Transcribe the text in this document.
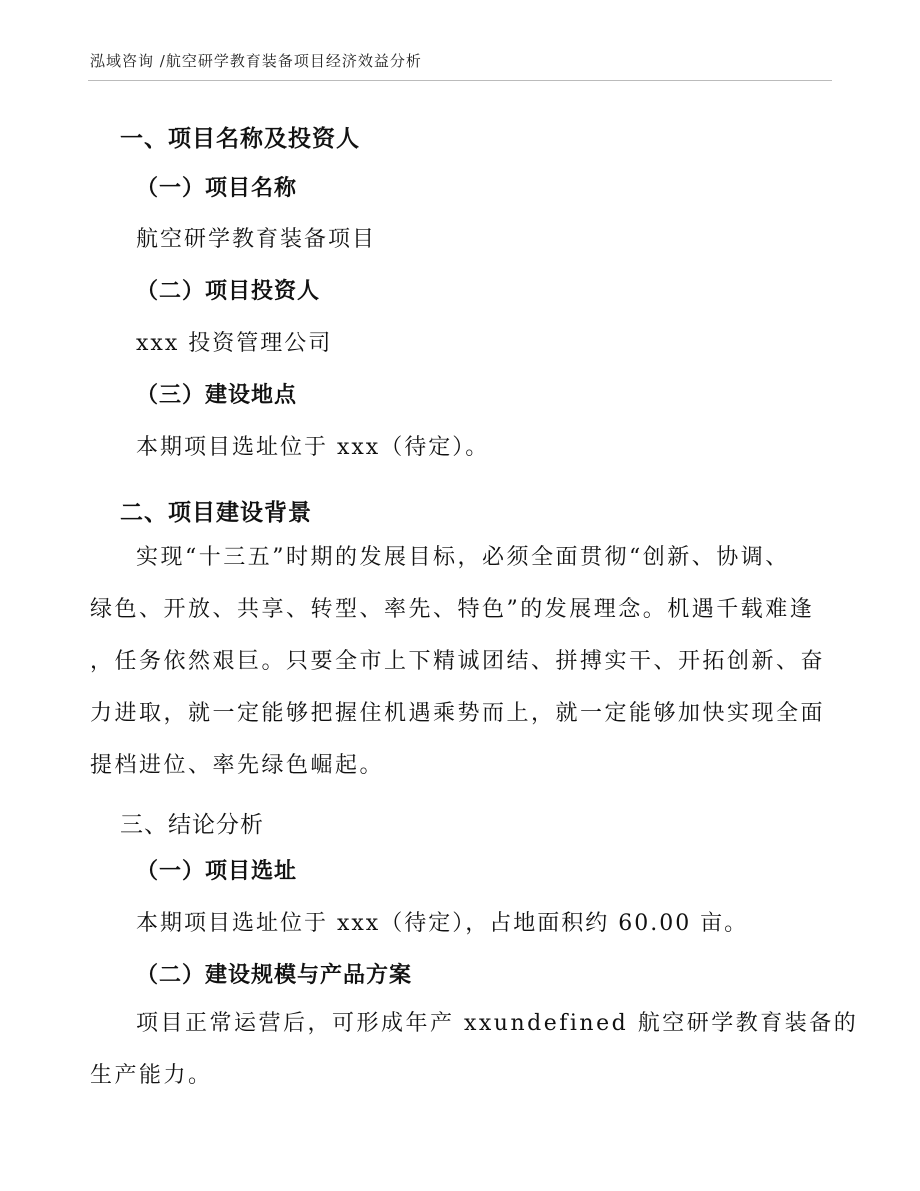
泓域咨询 /航空研学教育装备项目经济效益分析
一、项目名称及投资人
（一）项目名称
航空研学教育装备项目
（二）项目投资人
xxx 投资管理公司
（三）建设地点
本期项目选址位于 xxx（待定）。
二、项目建设背景
实现“十三五”时期的发展目标，必须全面贯彻“创新、协调、
绿色、开放、共享、转型、率先、特色”的发展理念。机遇千载难逢
，任务依然艰巨。只要全市上下精诚团结、拼搏实干、开拓创新、奋
力进取，就一定能够把握住机遇乘势而上，就一定能够加快实现全面
提档进位、率先绿色崛起。
三、结论分析
（一）项目选址
本期项目选址位于 xxx（待定），占地面积约 60.00 亩。
（二）建设规模与产品方案
项目正常运营后，可形成年产 xxundefined 航空研学教育装备的
生产能力。
